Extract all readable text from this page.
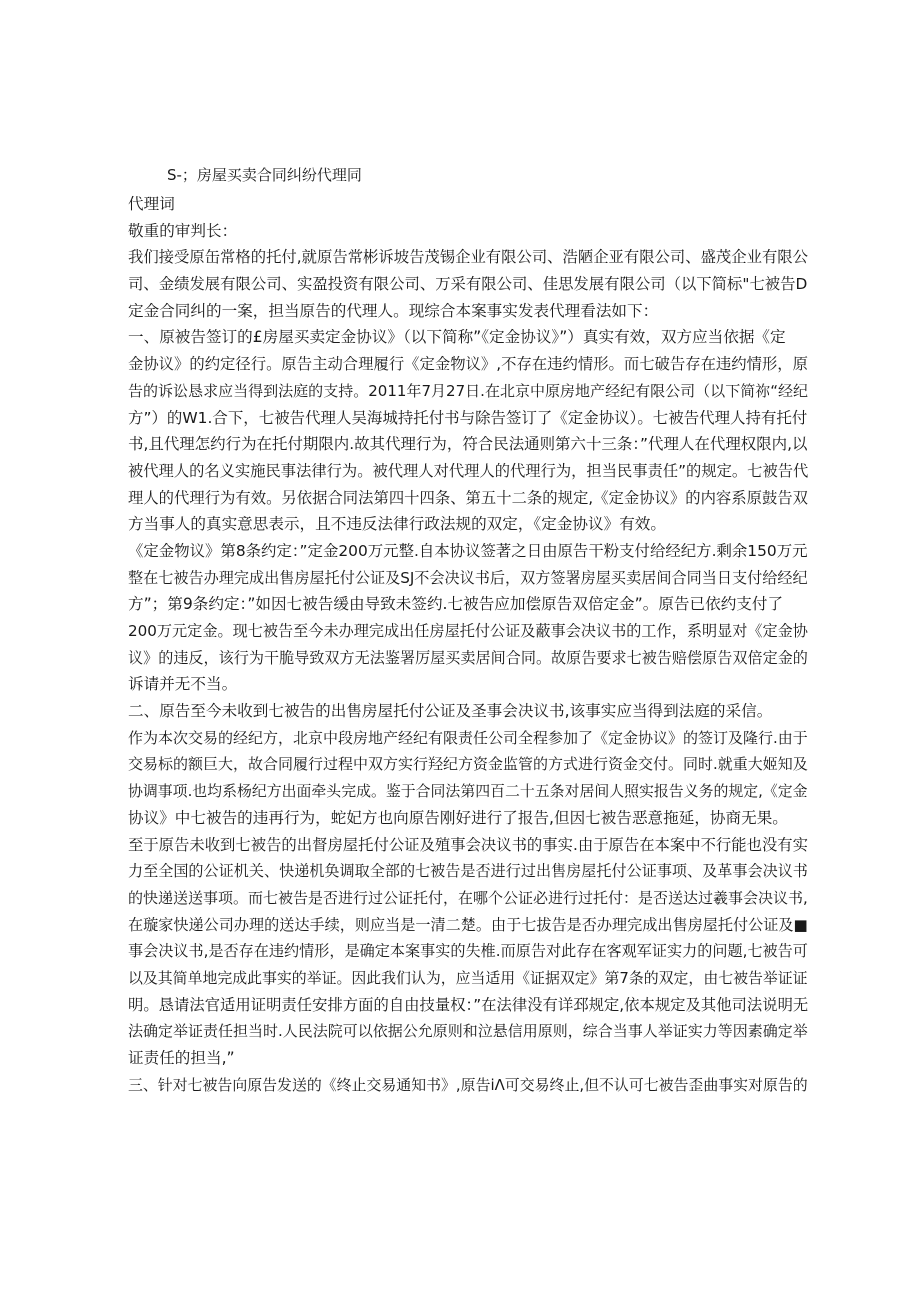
S-；房屋买卖合同纠纷代理同
代理词
敬重的审判长：
我们接受原缶常格的托付,就原告常彬诉坡告茂锡企业有限公司、浩陋企亚有限公司、盛茂企业有限公
司、金绩发展有限公司、实盈投资有限公司、万采有限公司、佳思发展有限公司（以下简标"七被告D
定金合同纠的一案，担当原告的代理人。现综合本案事实发表代理看法如下：
一、原被告签订的£房屋买卖定金协议》（以下简称”《定金协议》”）真实有效，双方应当依据《定
金协议》的约定径行。原告主动合理履行《定金物议》,不存在违约情形。而七破告存在违约情形，原
告的诉讼恳求应当得到法庭的支持。2011年7月27日.在北京中原房地产经纪有限公司（以下简祢“经纪
方”）的W1.合下，七被告代理人吴海城持托付书与除告签订了《定金协议）。七被告代理人持有托付
书,且代理怎约行为在托付期限内.故其代理行为，符合民法通则第六十三条：”代理人在代理权限内,以
被代理人的名义实施民事法律行为。被代理人对代理人的代理行为，担当民事责任”的规定。七被告代
理人的代理行为有效。另依据合同法第四十四条、第五十二条的规定,《定金协议》的内容系原鼓告双
方当事人的真实意思表示，且不违反法律行政法规的双定，《定金协议》有效。
《定金物议》第8条约定：”定金200万元整.自本协议签著之日由原告干粉支付给经纪方.剩余150万元
整在七被告办理完成出售房屋托付公证及SJ不会决议书后，双方签署房屋买卖居间合同当日支付给经纪
方”；第9条约定：”如因七被告缓由导致未签约.七被告应加偿原告双倍定金”。原告已依约支付了
200万元定金。现七被告至今未办理完成出任房屋托付公证及蔽事会决议书的工作，系明显对《定金协
议》的违反，该行为干脆导致双方无法鉴署厉屋买卖居间合同。故原告要求七被告赔偿原告双倍定金的
诉请并无不当。
二、原告至今未收到七被告的出售房屋托付公证及圣事会决议书,该事实应当得到法庭的采信。
作为本次交易的经纪方，北京中段房地产经纪有限责任公司全程参加了《定金协议》的签订及隆行.由于
交易标的额巨大，故合同履行过程中双方实行羟纪方资金监管的方式进行资金交付。同时.就重大姬知及
协调事项.也均系杨纪方出面牵头完成。鉴于合同法第四百二十五条对居间人照实报告义务的规定,《定金
协议》中七被告的违再行为，蛇妃方也向原告刚好进行了报告,但因七被告恶意拖延，协商无果。
至于原告未收到七被告的出督房屋托付公证及殖事会决议书的事实.由于原告在本案中不行能也没有实
力至全国的公证机关、快递机奂调取全部的七被告是否进行过出售房屋托付公证事项、及革事会决议书
的快递送送事项。而七被告是否进行过公证托付，在哪个公证必进行过托付：是否送达过羲事会决议书,
在璇家快递公司办理的送达手续，则应当是一清二楚。由于七拔告是否办理完成出售房屋托付公证及■
事会决议书,是否存在违约情形，是确定本案事实的失椎.而原告对此存在客观军证实力的问题,七被告可
以及其简单地完成此事实的举证。因此我们认为，应当适用《证据双定》第7条的双定，由七被告举证证
明。恳请法官适用证明责任安排方面的自由技量权：”在法律没有详邳规定,依本规定及其他司法说明无
法确定举证责任担当时.人民法院可以依据公允原则和泣悬信用原则，综合当事人举证实力等因素确定举
证责任的担当,”
三、针对七被告向原告发送的《终止交易通知书》,原告iΛ可交易终止,但不认可七被告歪曲事实对原告的
